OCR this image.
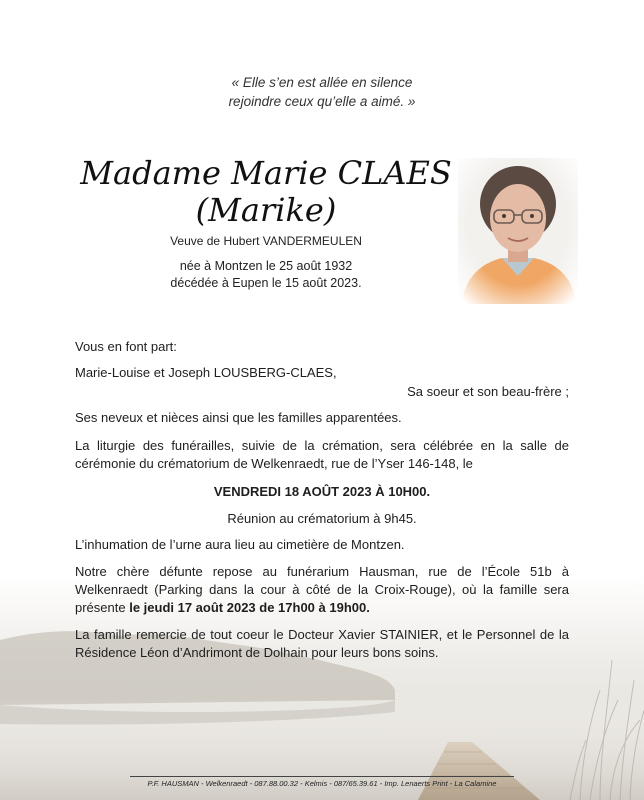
« Elle s’en est allée en silence
rejoindre ceux qu’elle a aimé. »
Madame Marie CLAES
(Marike)
Veuve de Hubert VANDERMEULEN
née à Montzen le 25 août 1932
décédée à Eupen le 15 août 2023.
Vous en font part:
Marie-Louise et Joseph LOUSBERG-CLAES,
Sa soeur et son beau-frère ;
Ses neveux et nièces ainsi que les familles apparentées.
La liturgie des funérailles, suivie de la crémation, sera célébrée en la salle de cérémonie du crématorium de Welkenraedt, rue de l’Yser 146-148, le
VENDREDI 18 AOÛT 2023 À 10H00.
Réunion au crématorium à 9h45.
L’inhumation de l’urne aura lieu au cimetière de Montzen.
Notre chère défunte repose au funérarium Hausman, rue de l’École 51b à Welkenraedt (Parking dans la cour à côté de la Croix-Rouge), où la famille sera présente le jeudi 17 août 2023 de 17h00 à 19h00.
La famille remercie de tout coeur le Docteur Xavier STAINIER, et le Personnel de la Résidence Léon d’Andrimont de Dolhain pour leurs bons soins.
P.F. HAUSMAN - Welkenraedt - 087.88.00.32 - Kelmis - 087/65.39.61 - Imp. Lenaerts Print - La Calamine
